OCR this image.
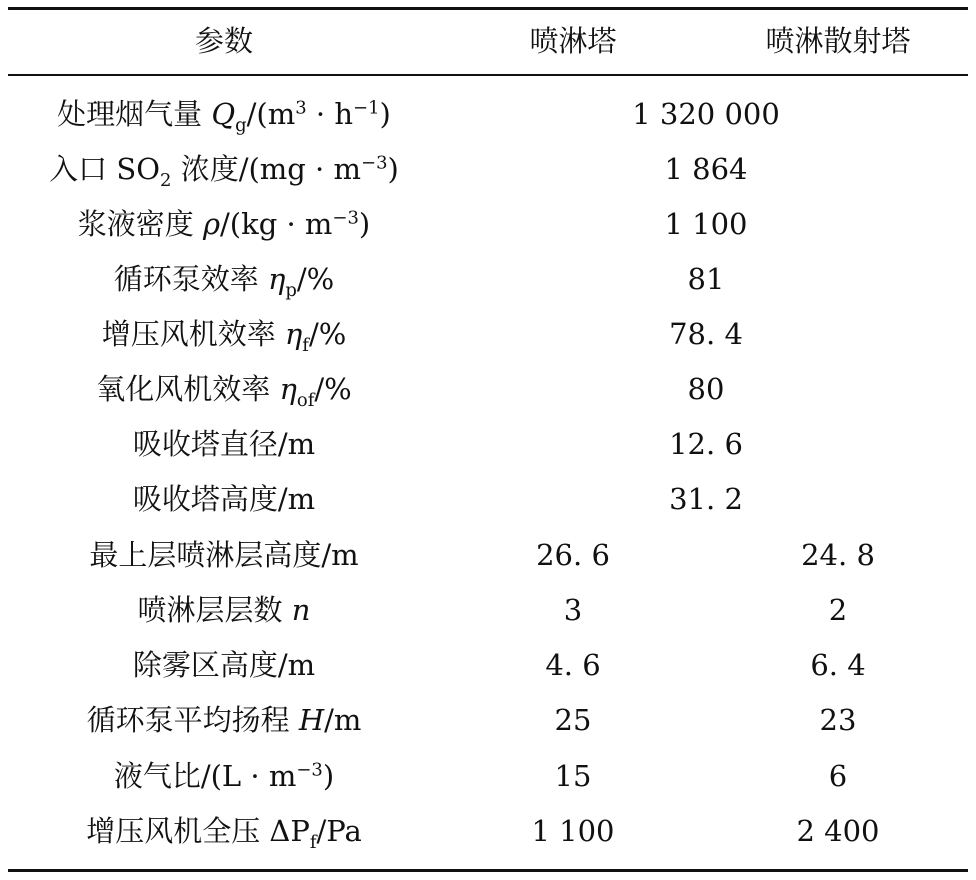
参数	喷淋塔	喷淋散射塔
处理烟气量 $Q_g/(m^3 \cdot h^{-1})$	1 320 000
入口 $SO_2$ 浓度$/(mg \cdot m^{-3})$	1 864
浆液密度 $\rho/(kg \cdot m^{-3})$	1 100
循环泵效率 $\eta_p/\%$	81
增压风机效率 $\eta_f/\%$	78. 4
氧化风机效率 $\eta_{of}/\%$	80
吸收塔直径/m	12. 6
吸收塔高度/m	31. 2
最上层喷淋层高度/m	26. 6	24. 8
喷淋层层数 n	3	2
除雾区高度/m	4. 6	6. 4
循环泵平均扬程 H/m	25	23
液气比$/(L \cdot m^{-3})$	15	6
增压风机全压 $\Delta P_f/Pa$	1 100	2 400
